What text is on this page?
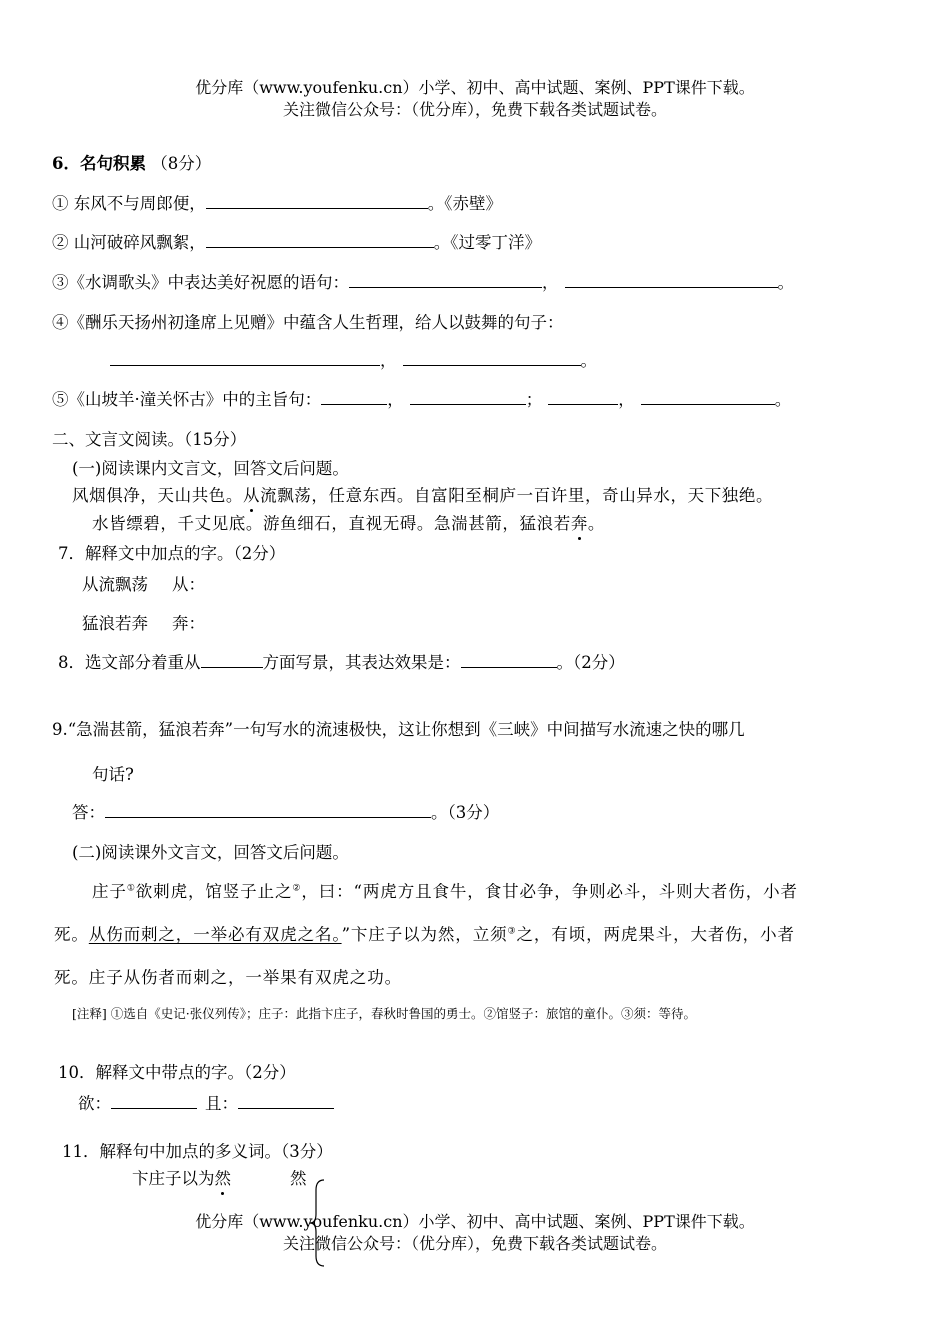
优分库（www.youfenku.cn）小学、初中、高中试题、案例、PPT课件下载。
关注微信公众号：（优分库），免费下载各类试题试卷。
6．名句积累 （8分）
① 东风不与周郎便，	。《赤壁》
② 山河破碎风飘絮，	。《过零丁洋》
③《水调歌头》中表达美好祝愿的语句：	，	。
④《酬乐天扬州初逢席上见赠》中蕴含人生哲理，给人以鼓舞的句子：
，	。
⑤《山坡羊·潼关怀古》中的主旨句：	，	；	，	。
二、文言文阅读。（15分）
(一)阅读课内文言文，回答文后问题。
风烟俱净，天山共色。从流飘荡，任意东西。自富阳至桐庐一百许里，奇山异水，天下独绝。
水皆缥碧，千丈见底。游鱼细石，直视无碍。急湍甚箭，猛浪若奔。
7．解释文中加点的字。（2分）
从流飘荡 从：
猛浪若奔 奔：
8．选文部分着重从	方面写景，其表达效果是：	。（2分）
9.“急湍甚箭，猛浪若奔”一句写水的流速极快，这让你想到《三峡》中间描写水流速之快的哪几
句话?
答：	。（3分）
(二)阅读课外文言文，回答文后问题。
庄子①欲刺虎，馆竖子止之②，曰：“两虎方且食牛，食甘必争，争则必斗，斗则大者伤，小者
死。从伤而刺之，一举必有双虎之名。”卞庄子以为然，立须③之，有顷，两虎果斗，大者伤，小者
死。庄子从伤者而刺之，一举果有双虎之功。
[注释] ①选自《史记·张仪列传》；庄子：此指卞庄子，春秋时鲁国的勇士。②馆竖子：旅馆的童仆。③须：等待。
10．解释文中带点的字。（2分）
欲：	且：
11．解释句中加点的多义词。（3分）
卞庄子以为然	然
优分库（www.youfenku.cn）小学、初中、高中试题、案例、PPT课件下载。
关注微信公众号：（优分库），免费下载各类试题试卷。
